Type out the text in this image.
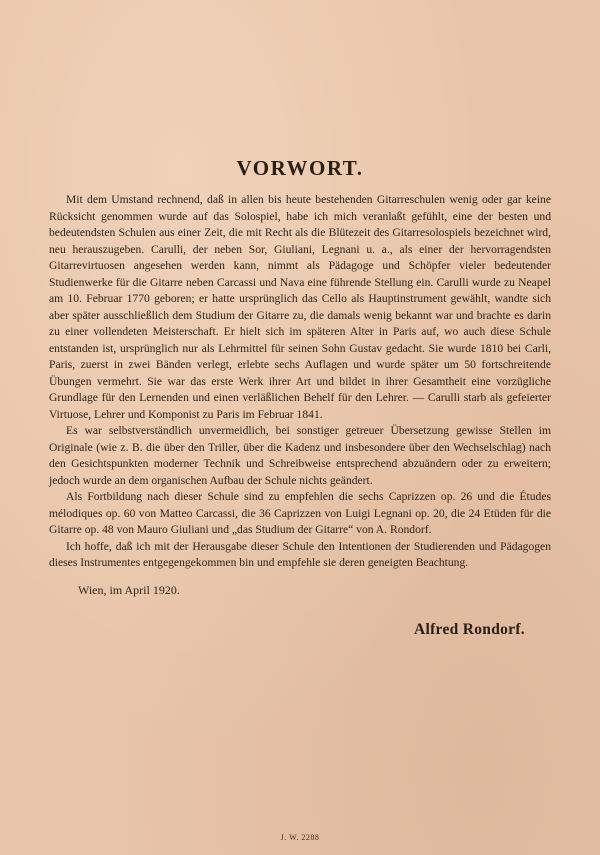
VORWORT.

Mit dem Umstand rechnend, daß in allen bis heute bestehenden Gitarreschulen wenig oder gar keine Rücksicht genommen wurde auf das Solospiel, habe ich mich veranlaßt gefühlt, eine der besten und bedeutendsten Schulen aus einer Zeit, die mit Recht als die Blütezeit des Gitarresolospiels bezeichnet wird, neu herauszugeben. Carulli, der neben Sor, Giuliani, Legnani u. a., als einer der hervorragendsten Gitarrevirtuosen angesehen werden kann, nimmt als Pädagoge und Schöpfer vieler bedeutender Studienwerke für die Gitarre neben Carcassi und Nava eine führende Stellung ein. Carulli wurde zu Neapel am 10. Februar 1770 geboren; er hatte ursprünglich das Cello als Hauptinstrument gewählt, wandte sich aber später ausschließlich dem Studium der Gitarre zu, die damals wenig bekannt war und brachte es darin zu einer vollendeten Meisterschaft. Er hielt sich im späteren Alter in Paris auf, wo auch diese Schule entstanden ist, ursprünglich nur als Lehrmittel für seinen Sohn Gustav gedacht. Sie wurde 1810 bei Carli, Paris, zuerst in zwei Bänden verlegt, erlebte sechs Auflagen und wurde später um 50 fortschreitende Übungen vermehrt. Sie war das erste Werk ihrer Art und bildet in ihrer Gesamtheit eine vorzügliche Grundlage für den Lernenden und einen verläßlichen Behelf für den Lehrer. — Carulli starb als gefeierter Virtuose, Lehrer und Komponist zu Paris im Februar 1841.

Es war selbstverständlich unvermeidlich, bei sonstiger getreuer Übersetzung gewisse Stellen im Originale (wie z. B. die über den Triller, über die Kadenz und insbesondere über den Wechselschlag) nach den Gesichtspunkten moderner Technik und Schreibweise entsprechend abzuändern oder zu erweitern; jedoch wurde an dem organischen Aufbau der Schule nichts geändert.

Als Fortbildung nach dieser Schule sind zu empfehlen die sechs Caprizzen op. 26 und die Études mélodiques op. 60 von Matteo Carcassi, die 36 Caprizzen von Luigi Legnani op. 20, die 24 Etüden für die Gitarre op. 48 von Mauro Giuliani und „das Studium der Gitarre“ von A. Rondorf.

Ich hoffe, daß ich mit der Herausgabe dieser Schule den Intentionen der Studierenden und Pädagogen dieses Instrumentes entgegengekommen bin und empfehle sie deren geneigten Beachtung.

Wien, im April 1920.
Alfred Rondorf.
J. W. 2288
